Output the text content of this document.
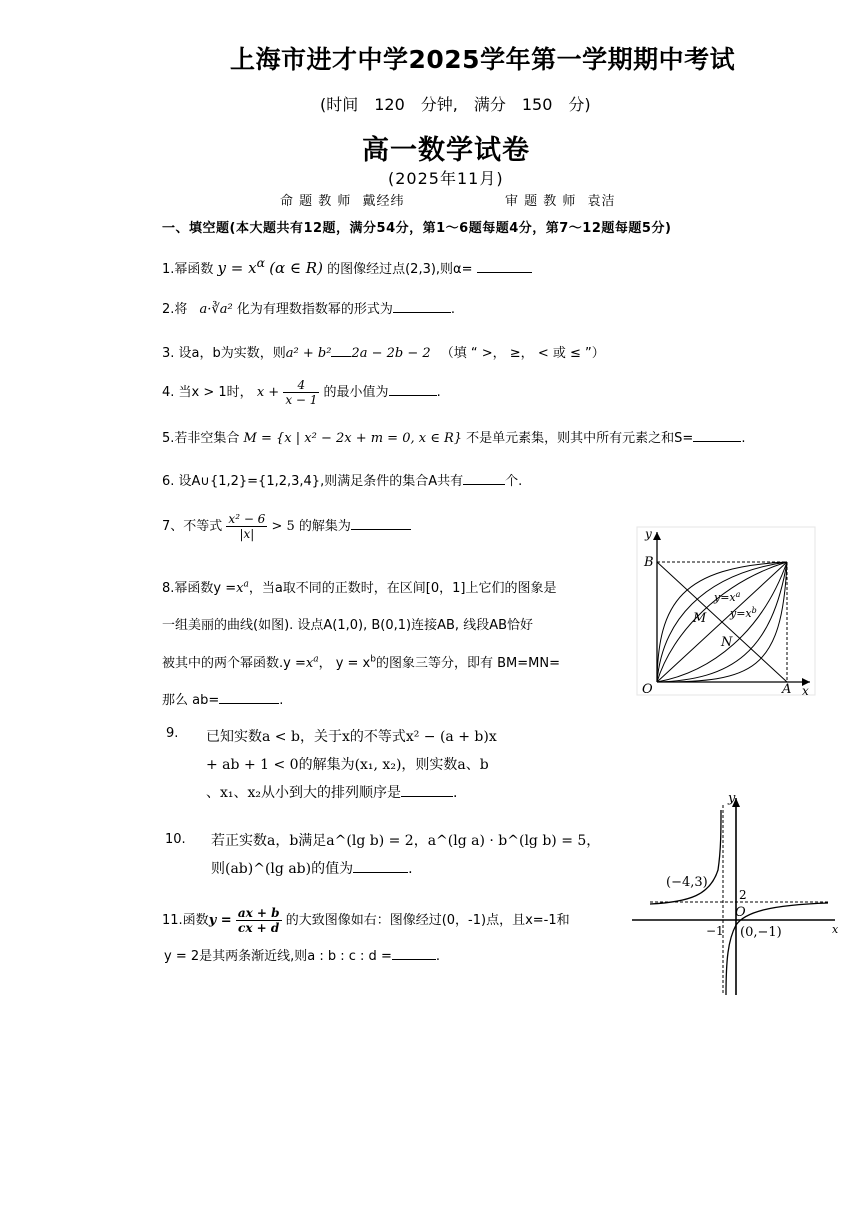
上海市进才中学2025学年第一学期期中考试
(时间　120　分钟,　满分　150　分)
高一数学试卷
(2025年11月)
命 题 教 师 戴经纬	审 题 教 师 袁洁
一、填空题(本大题共有12题，满分54分，第1～6题每题4分，第7～12题每题5分)
1.幂函数 $y = x^\alpha$ (α ∈ R) 的图像经过点(2,3),则α=
2.将 a·∛a² 化为有理数指数幂的形式为	.
3. 设a，b为实数，则a² + b² 2a − 2b − 2 （填 “ >， ≥， < 或 ≤ ”）
4. 当x > 1时， $x + \frac{4}{x - 1}$ 的最小值为	.
5.若非空集合 M = {x | x² − 2x + m = 0, x ∈ R} 不是单元素集，则其中所有元素之和S=	.
6. 设A∪{1,2}={1,2,3,4},则满足条件的集合A共有	个.
7、不等式 $\frac{\text{x² − 6}}{|x|} > 5$ 的解集为
8.幂函数$y =x^a$，当a取不同的正数时，在区间[0，1]上它们的图象是
一组美丽的曲线(如图). 设点A(1,0), B(0,1)连接AB, 线段AB恰好
被其中的两个幂函数$.y =x^a$， $y = x^b$的图象三等分，即有 BM=MN=
那么 ab=	.
y
x
B
O	A
M
N
$y=x^a$
$y=x^b$
9. 已知实数a < b，关于x的不等式x² − (a + b)x
+ ab + 1 < 0的解集为(x₁, x₂)，则实数a、b
、x₁、x₂从小到大的排列顺序是	.
10. 若正实数a，b满足a^(lg b) = 2，a^(lg a) · b^(lg b) = 5，
则(ab)^(lg ab)的值为	.
11.函数$y = \frac{ax + b}{cx + d}$ 的大致图像如右：图像经过(0，-1)点，且x=-1和
y = 2是其两条渐近线,则a : b : c : d =	.
y
x
(−4,3)
2
O
−1 (0,−1)
